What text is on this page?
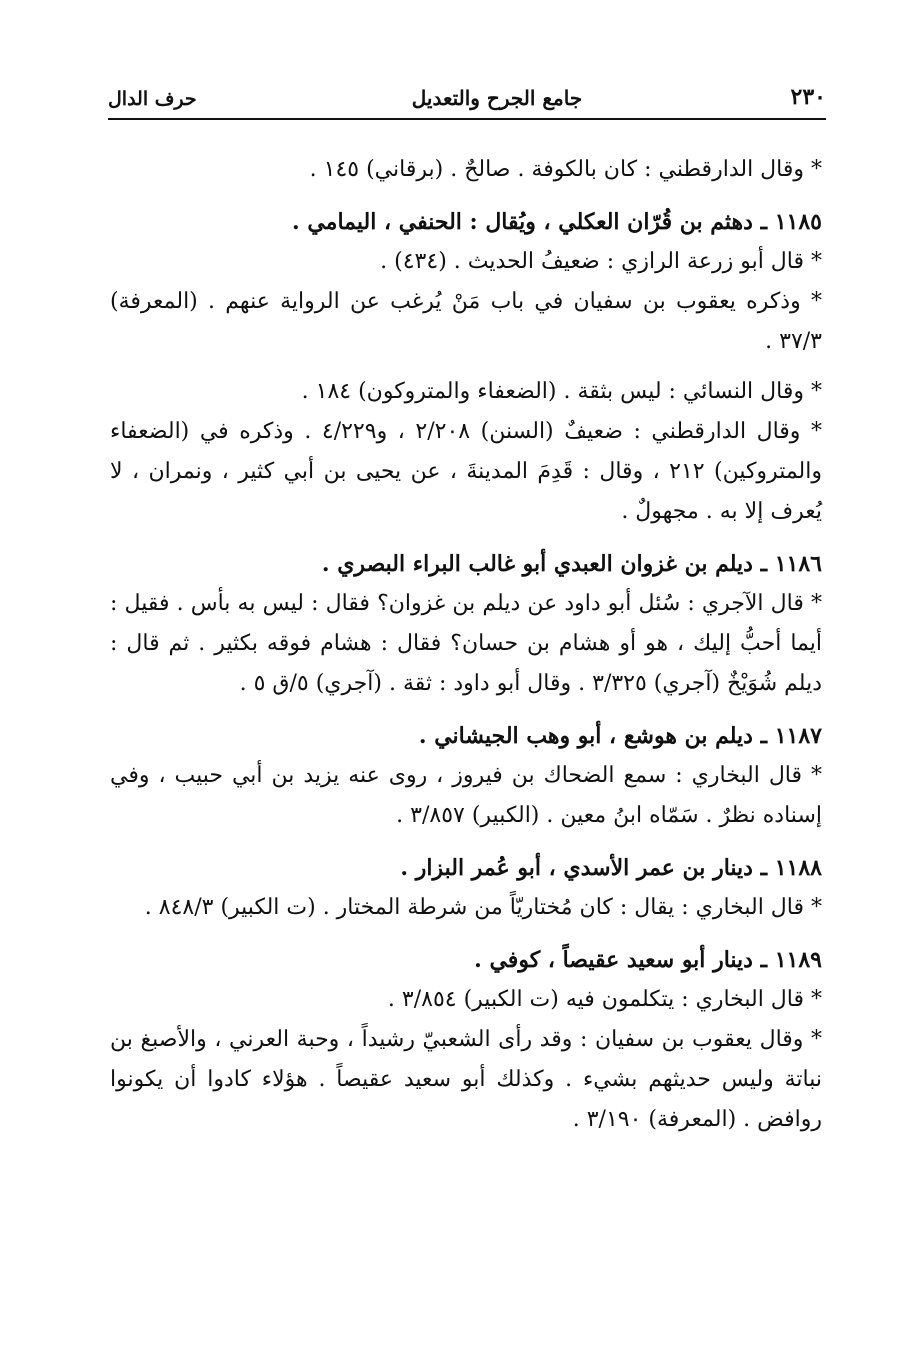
٢٣٠
جامع الجرح والتعديل
حرف الدال

* وقال الدارقطني : كان بالكوفة . صالحٌ . (برقاني) ١٤٥ .

١١٨٥ ـ دهثم بن قُرّان العكلي ، ويُقال : الحنفي ، اليمامي .

* قال أبو زرعة الرازي : ضعيفُ الحديث . (٤٣٤) .

* وذكره يعقوب بن سفيان في باب مَنْ يُرغب عن الرواية عنهم . (المعرفة) ٣٧/٣ .

* وقال النسائي : ليس بثقة . (الضعفاء والمتروكون) ١٨٤ .

* وقال الدارقطني : ضعيفٌ (السنن) ٢/٢٠٨ ، و٤/٢٢٩ . وذكره في (الضعفاء والمتروكين) ٢١٢ ، وقال : قَدِمَ المدينةَ ، عن يحيى بن أبي كثير ، ونمران ، لا يُعرف إلا به . مجهولٌ .

١١٨٦ ـ ديلم بن غزوان العبدي أبو غالب البراء البصري .

* قال الآجري : سُئل أبو داود عن ديلم بن غزوان؟ فقال : ليس به بأس . فقيل : أيما أحبُّ إليك ، هو أو هشام بن حسان؟ فقال : هشام فوقه بكثير . ثم قال : ديلم شُوَيْخٌ (آجري) ٣/٣٢٥ . وقال أبو داود : ثقة . (آجري) ٥/ق ٥ .

١١٨٧ ـ ديلم بن هوشع ، أبو وهب الجيشاني .

* قال البخاري : سمع الضحاك بن فيروز ، روى عنه يزيد بن أبي حبيب ، وفي إسناده نظرٌ . سَمّاه ابنُ معين . (الكبير) ٣/٨٥٧ .

١١٨٨ ـ دينار بن عمر الأسدي ، أبو عُمر البزار .

* قال البخاري : يقال : كان مُختاريّاً من شرطة المختار . (ت الكبير) ٨٤٨/٣ .

١١٨٩ ـ دينار أبو سعيد عقيصاً ، كوفي .

* قال البخاري : يتكلمون فيه (ت الكبير) ٣/٨٥٤ .

* وقال يعقوب بن سفيان : وقد رأى الشعبيّ رشيداً ، وحبة العرني ، والأصبغ بن نباتة وليس حديثهم بشيء . وكذلك أبو سعيد عقيصاً . هؤلاء كادوا أن يكونوا روافض . (المعرفة) ٣/١٩٠ .
